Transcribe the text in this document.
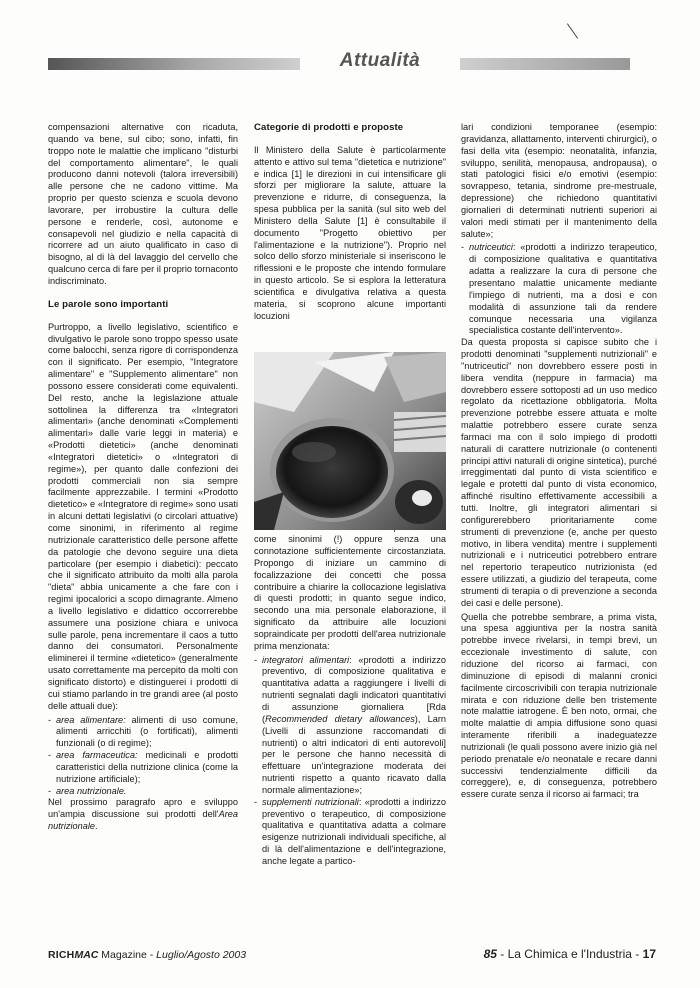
Attualità

compensazioni alternative con ricaduta, quando va bene, sul cibo; sono, infatti, fin troppo note le malattie che implicano "disturbi del comportamento alimentare", le quali producono danni notevoli (talora irreversibili) alle persone che ne cadono vittime. Ma proprio per questo scienza e scuola devono lavorare, per irrobustire la cultura delle persone e renderle, così, autonome e consapevoli nel giudizio e nella capacità di ricorrere ad un aiuto qualificato in caso di bisogno, al di là del lavaggio del cervello che qualcuno cerca di fare per il proprio tornaconto indiscriminato.

Le parole sono importanti

Purtroppo, a livello legislativo, scientifico e divulgativo le parole sono troppo spesso usate come balocchi, senza rigore di corrispondenza con il significato. Per esempio, "Integratore alimentare" e "Supplemento alimentare" non possono essere considerati come equivalenti. Del resto, anche la legislazione attuale sottolinea la differenza tra «Integratori alimentari» (anche denominati «Complementi alimentari» dalle varie leggi in materia) e «Prodotti dietetici» (anche denominati «Integratori dietetici» o «Integratori di regime»), per quanto dalle confezioni dei prodotti commerciali non sia sempre facilmente apprezzabile. I termini «Prodotto dietetico» e «Integratore di regime» sono usati in alcuni dettati legislativi (o circolari attuative) come sinonimi, in riferimento al regime nutrizionale caratteristico delle persone affette da patologie che devono seguire una dieta particolare (per esempio i diabetici): peccato che il significato attribuito da molti alla parola "dieta" abbia unicamente a che fare con i regimi ipocalorici a scopo dimagrante. Almeno a livello legislativo e didattico occorrerebbe assumere una posizione chiara e univoca sulle parole, pena incrementare il caos a tutto danno dei consumatori. Personalmente eliminerei il termine «dietetico» (generalmente usato correttamente ma percepito da molti con significato distorto) e distinguerei i prodotti di cui stiamo parlando in tre grandi aree (al posto delle attuali due):

- area alimentare: alimenti di uso comune, alimenti arricchiti (o fortificati), alimenti funzionali (o di regime);
- area farmaceutica: medicinali e prodotti caratteristici della nutrizione clinica (come la nutrizione artificiale);
- area nutrizionale.

Nel prossimo paragrafo apro e sviluppo un'ampia discussione sui prodotti dell'Area nutrizionale.

Categorie di prodotti e proposte

Il Ministero della Salute è particolarmente attento e attivo sul tema "dietetica e nutrizione" e indica [1] le direzioni in cui intensificare gli sforzi per migliorare la salute, attuare la prevenzione e ridurre, di conseguenza, la spesa pubblica per la sanità (sul sito web del Ministero della Salute [1] è consultabile il documento "Progetto obiettivo per l'alimentazione e la nutrizione"). Proprio nel solco dello sforzo ministeriale si inseriscono le riflessioni e le proposte che intendo formulare in questo articolo. Se si esplora la letteratura scientifica e divulgativa relativa a questa materia, si scoprono alcune importanti locuzioni

come sinonimi (!) oppure senza una connotazione sufficientemente circostanziata. Propongo di iniziare un cammino di focalizzazione dei concetti che possa contribuire a chiarire la collocazione legislativa di questi prodotti; in quanto segue indico, secondo una mia personale elaborazione, il significato da attribuire alle locuzioni sopraindicate per prodotti dell'area nutrizionale prima menzionata:

- integratori alimentari: «prodotti a indirizzo preventivo, di composizione qualitativa e quantitativa adatta a raggiungere i livelli di nutrienti segnalati dagli indicatori quantitativi di assunzione giornaliera [Rda (Recommended dietary allowances), Larn (Livelli di assunzione raccomandati di nutrienti) o altri indicatori di enti autorevoli] per le persone che hanno necessità di effettuare un'integrazione moderata dei nutrienti rispetto a quanto ricavato dalla normale alimentazione»;
- supplementi nutrizionali: «prodotti a indirizzo preventivo o terapeutico, di composizione qualitativa e quantitativa adatta a colmare esigenze nutrizionali individuali specifiche, al di là dell'alimentazione e dell'integrazione, anche legate a partico-

lari condizioni temporanee (esempio: gravidanza, allattamento, interventi chirurgici), o fasi della vita (esempio: neonatalità, infanzia, sviluppo, senilità, menopausa, andropausa), o stati patologici fisici e/o emotivi (esempio: sovrappeso, tetania, sindrome pre-mestruale, depressione) che richiedono quantitativi giornalieri di determinati nutrienti superiori ai valori medi stimati per il mantenimento della salute»;

- nutriceutici: «prodotti a indirizzo terapeutico, di composizione qualitativa e quantitativa adatta a realizzare la cura di persone che presentano malattie unicamente mediante l'impiego di nutrienti, ma a dosi e con modalità di assunzione tali da rendere comunque necessaria una vigilanza specialistica costante dell'intervento».

Da questa proposta si capisce subito che i prodotti denominati "supplementi nutrizionali" e "nutriceutici" non dovrebbero essere posti in libera vendita (neppure in farmacia) ma dovrebbero essere sottoposti ad un uso medico regolato da ricettazione obbligatoria. Molta prevenzione potrebbe essere attuata e molte malattie potrebbero essere curate senza farmaci ma con il solo impiego di prodotti naturali di carattere nutrizionale (o contenenti principi attivi naturali di origine sintetica), purché irreggimentati dal punto di vista scientifico e legale e protetti dal punto di vista economico, affinché risultino effettivamente accessibili a tutti. Inoltre, gli integratori alimentari si configurerebbero prioritariamente come strumenti di prevenzione (e, anche per questo motivo, in libera vendita) mentre i supplementi nutrizionali e i nutriceutici potrebbero entrare nel repertorio terapeutico nutrizionista (ed essere utilizzati, a giudizio del terapeuta, come strumenti di terapia o di prevenzione a seconda dei casi e delle persone).

Quella che potrebbe sembrare, a prima vista, una spesa aggiuntiva per la nostra sanità potrebbe invece rivelarsi, in tempi brevi, un eccezionale investimento di salute, con riduzione del ricorso ai farmaci, con diminuzione di episodi di malanni cronici facilmente circoscrivibili con terapia nutrizionale mirata e con riduzione delle ben tristemente note malattie iatrogene. È ben noto, ormai, che molte malattie di ampia diffusione sono quasi interamente riferibili a inadeguatezze nutrizionali (le quali possono avere inizio già nel periodo prenatale e/o neonatale e recare danni successivi tendenzialmente difficili da correggere), e, di conseguenza, potrebbero essere curate senza il ricorso ai farmaci; tra

RICHMAC Magazine - Luglio/Agosto 2003	85 - La Chimica e l'Industria - 17
